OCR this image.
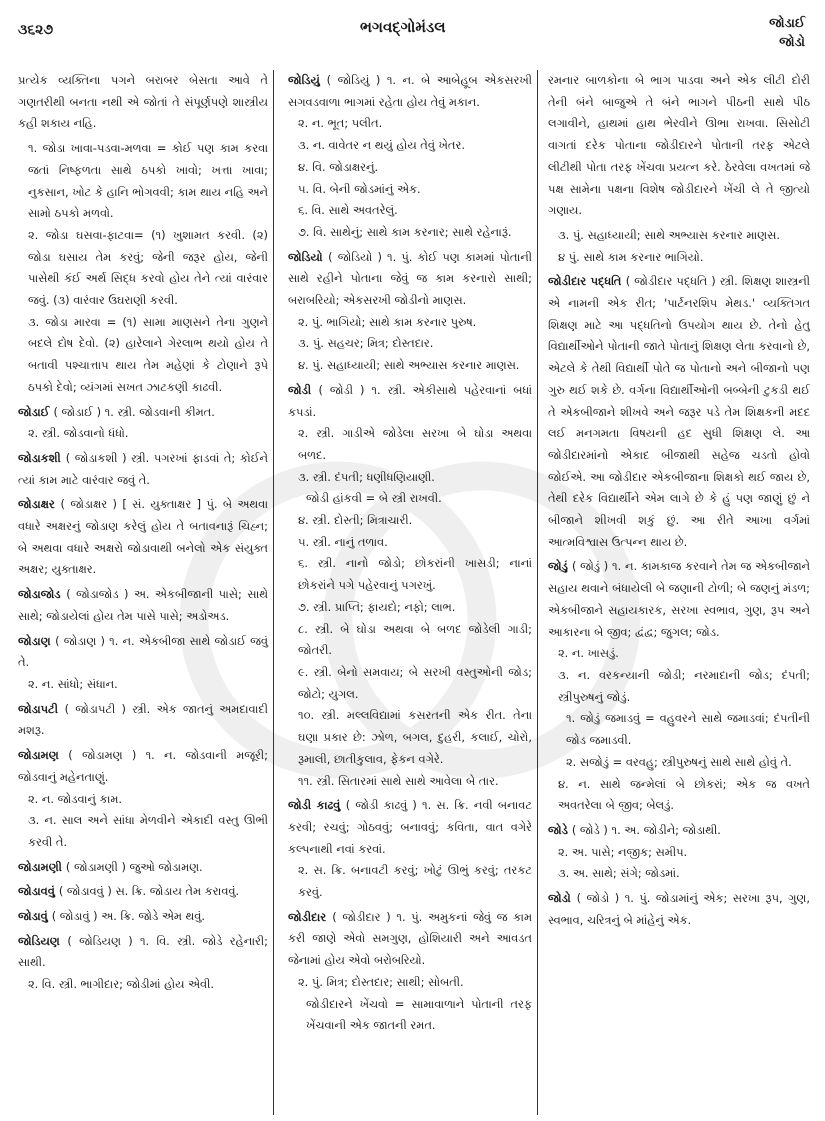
૩૬૨૭	ભગવદ્ગોમંડલ	જોડાઈ
જોડો

પ્રત્યેક વ્યક્તિના પગને બરાબર બેસતા આવે તે ગણતરીથી બનતા નથી એ જોતાં તે સંપૂર્ણપણે શાસ્ત્રીય કહી શકાય નહિ.

૧. જોડા ખાવા-પડવા-મળવા = કોઈ પણ કામ કરવા જતાં નિષ્ફળતા સાથે ઠપકો ખાવો; ખત્તા ખાવા; નુકસાન, ખોટ કે હાનિ ભોગવવી; કામ થાય નહિ અને સામો ઠપકો મળવો.

૨. જોડા ઘસવા-ફાટવા= (૧) ખુશામત કરવી. (૨) જોડા ઘસાય તેમ કરવું; જેની જરૂર હોય, જેની પાસેથી કંઈ અર્થ સિદ્ધ કરવો હોય તેને ત્યાં વારંવાર જવું. (૩) વારંવાર ઉઘરાણી કરવી.

૩. જોડા મારવા = (૧) સામા માણસને તેના ગુણને બદલે દોષ દેવો. (૨) હારેલાને ગેરલાભ થયો હોય તે બતાવી પશ્ચાત્તાપ થાય તેમ મહેણાં કે ટોણાને રૂપે ઠપકો દેવો; વ્યંગમાં સખત ઝાટકણી કાઢવી.

જોડાઈ ( જોડાઈ ) ૧. સ્ત્રી. જોડવાની કીમત.

૨. સ્ત્રી. જોડવાનો ધંધો.

જોડાકશી ( જોડાકશી ) સ્ત્રી. પગરખાં ફાડવાં તે; કોઈને ત્યાં કામ માટે વારંવાર જવું તે.

જોડાક્ષર ( જોડાક્ષર ) [ સં. યુક્તાક્ષર ] પું. બે અથવા વધારે અક્ષરનું જોડાણ કરેલું હોય તે બતાવનારૂં ચિહ્ન; બે અથવા વધારે અક્ષરો જોડાવાથી બનેલો એક સંયુક્ત અક્ષર; યુક્તાક્ષર.

જોડાજોડ ( જોડાજોડ ) અ. એકબીજાની પાસે; સાથે સાથે; જોડાયેલાં હોય તેમ પાસે પાસે; અડોઅડ.

જોડાણ ( જોડાણ ) ૧. ન. એકબીજા સાથે જોડાઈ જવું તે.

૨. ન. સાંધો; સંધાન.

જોડાપટી ( જોડાપટી ) સ્ત્રી. એક જાતનું અમદાવાદી મશરૂ.

જોડામણ ( જોડામણ ) ૧. ન. જોડવાની મજૂરી; જોડવાનું મહેનતાણું.

૨. ન. જોડવાનું કામ.

૩. ન. સાલ અને સાંધા મેળવીને એકાદી વસ્તુ ઊભી કરવી તે.

જોડામણી ( જોડામણી ) જુઓ જોડામણ.

જોડાવવું ( જોડાવવું ) સ. ક્રિ. જોડાય તેમ કરાવવું.

જોડાવું ( જોડાવું ) અ. ક્રિ. જોડે એમ થવું.

જોડિયણ ( જોડિયણ ) ૧. વિ. સ્ત્રી. જોડે રહેનારી; સાથી.

૨. વિ. સ્ત્રી. ભાગીદાર; જોડીમાં હોય એવી.

જોડિયું ( જોડિયું ) ૧. ન. બે આબેહૂબ એકસરખી સગવડવાળા ભાગમાં રહેતા હોય તેવું મકાન.

૨. ન. ભૂત; પલીત.

૩. ન. વાવેતર ન થયું હોય તેવું ખેતર.

૪. વિ. જોડાક્ષરનું.

૫. વિ. બેની જોડમાંનું એક.

૬. વિ. સાથે અવતરેલું.

૭. વિ. સાથેનું; સાથે કામ કરનાર; સાથે રહેનારૂં.

જોડિયો ( જોડિયો ) ૧. પું. કોઈ પણ કામમાં પોતાની સાથે રહીને પોતાના જેવું જ કામ કરનારો સાથી; બરાબરિયો; એકસરખી જોડીનો માણસ.

૨. પું. ભાગિયો; સાથે કામ કરનાર પુરુષ.

૩. પું. સહચર; મિત્ર; દોસ્તદાર.

૪. પું. સહાધ્યાયી; સાથે અભ્યાસ કરનાર માણસ.

જોડી ( જોડી ) ૧. સ્ત્રી. એકીસાથે પહેરવાનાં બધાં કપડાં.

૨. સ્ત્રી. ગાડીએ જોડેલા સરખા બે ઘોડા અથવા બળદ.

૩. સ્ત્રી. દંપતી; ધણીધણિયાણી.

જોડી હાંકવી = બે સ્ત્રી રાખવી.

૪. સ્ત્રી. દોસ્તી; મિત્રાચારી.

૫. સ્ત્રી. નાનું તળાવ.

૬. સ્ત્રી. નાનો જોડો; છોકરાંની ખાસડી; નાનાં છોકરાંને પગે પહેરવાનું પગરખું.

૭. સ્ત્રી. પ્રાપ્તિ; ફાયદો; નફો; લાભ.

૮. સ્ત્રી. બે ઘોડા અથવા બે બળદ જોડેલી ગાડી; જોતરી.

૯. સ્ત્રી. બેનો સમવાય; બે સરખી વસ્તુઓની જોડ; જોટો; યુગલ.

૧૦. સ્ત્રી. મલ્લવિદ્યામાં કસરતની એક રીત. તેના ઘણા પ્રકાર છે: ઝોળ, બગલ, દુહરી, કલાઈ, ચોરો, રૂમાલી, છાતીકુલાવ, ફેકન વગેરે.

૧૧. સ્ત્રી. સિતારમાં સાથે સાથે આવેલા બે તાર.

જોડી કાઢવું ( જોડી કાઢવું ) ૧. સ. ક્રિ. નવી બનાવટ કરવી; રચવું; ગોઠવવું; બનાવવું; કવિતા, વાત વગેરે કલ્પનાથી નવાં કરવાં.

૨. સ. ક્રિ. બનાવટી કરવું; ખોટું ઊભું કરવું; તરકટ કરવું.

જોડીદાર ( જોડીદાર ) ૧. પું. અમુકનાં જેવું જ કામ કરી જાણે એવો સમગુણ, હોશિયારી અને આવડત જેનામાં હોય એવો બરોબરિયો.

૨. પું. મિત્ર; દોસ્તદાર; સાથી; સોબતી.

જોડીદારને ખેંચવો = સામાવાળાને પોતાની તરફ ખેંચવાની એક જાતની રમત.

રમનાર બાળકોના બે ભાગ પાડવા અને એક લીટી દોરી તેની બંને બાજુએ તે બંને ભાગને પીઠની સાથે પીઠ લગાવીને, હાથમાં હાથ ભેરવીને ઊભા રાખવા. સિસોટી વાગતાં દરેક પોતાના જોડીદારને પોતાની તરફ એટલે લીટીથી પોતા તરફ ખેંચવા પ્રયત્ન કરે. ઠેરવેલા વખતમાં જે પક્ષ સામેના પક્ષના વિશેષ જોડીદારને ખેંચી લે તે જીત્યો ગણાય.

૩. પું. સહાધ્યાયી; સાથે અભ્યાસ કરનાર માણસ.

૪ પું. સાથે કામ કરનાર ભાગિયો.

જોડીદાર પદ્ધતિ ( જોડીદાર પદ્ધતિ ) સ્ત્રી. શિક્ષણ શાસ્ત્રની એ નામની એક રીત; 'પાર્ટનરશિપ મેથડ.' વ્યક્તિગત શિક્ષણ માટે આ પદ્ધતિનો ઉપયોગ થાય છે. તેનો હેતુ વિદ્યાર્થીઓને પોતાની જાતે પોતાનું શિક્ષણ લેતા કરવાનો છે, એટલે કે તેથી વિદ્યાર્થી પોતે જ પોતાનો અને બીજાનો પણ ગુરુ થઈ શકે છે. વર્ગના વિદ્યાર્થીઓની બબ્બેની ટુકડી થઈ તે એકબીજાને શીખવે અને જરૂર પડે તેમ શિક્ષકની મદદ લઈ મનગમતા વિષયની હદ સુધી શિક્ષણ લે. આ જોડીદારમાંનો એકાદ બીજાથી સહેજ ચડતો હોવો જોઈએ. આ જોડીદાર એકબીજાના શિક્ષકો થઈ જાય છે, તેથી દરેક વિદ્યાર્થીને એમ લાગે છે કે હું પણ જાણું છું ને બીજાને શીખવી શકું છું. આ રીતે આખા વર્ગમાં આત્મવિશ્વાસ ઉત્પન્ન થાય છે.

જોડું ( જોડું ) ૧. ન. કામકાજ કરવાને તેમ જ એકબીજાને સહાય થવાને બંધાયેલી બે જણાની ટોળી; બે જણનું મંડળ; એકબીજાને સહાયકારક, સરખા સ્વભાવ, ગુણ, રૂપ અને આકારના બે જીવ; દ્વંદ્વ; જુગલ; જોડ.

૨. ન. ખાસડું.

૩. ન. વરકન્યાની જોડી; નરમાદાની જોડ; દંપતી; સ્ત્રીપુરુષનું જોડું.

૧. જોડું જમાડવું = વહુવરને સાથે જમાડવાં; દંપતીની જોડ જમાડવી.

૨. સજોડું = વરવહુ; સ્ત્રીપુરુષનું સાથે સાથે હોવું તે.

૪. ન. સાથે જન્મેલાં બે છોકરાં; એક જ વખતે અવતરેલા બે જીવ; બેલડું.

જોડે ( જોડે ) ૧. અ. જોડીને; જોડાથી.

૨. અ. પાસે; નજીક; સમીપ.

૩. અ. સાથે; સંગે; જોડમાં.

જોડો ( જોડો ) ૧. પું. જોડામાંનું એક; સરખા રૂપ, ગુણ, સ્વભાવ, ચરિત્રનું બે માંહેનું એક.
